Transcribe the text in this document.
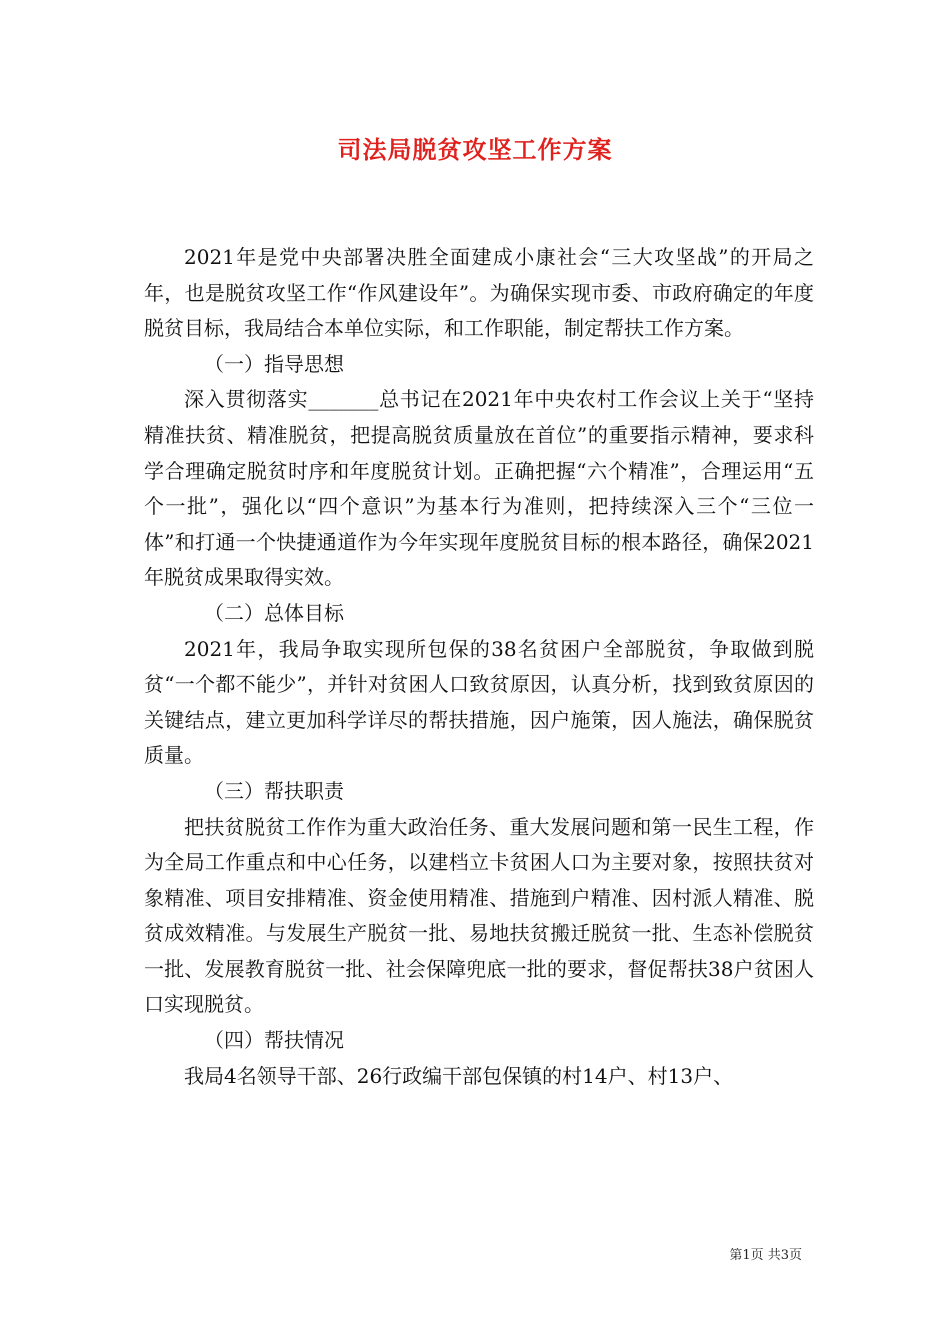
司法局脱贫攻坚工作方案

2021年是党中央部署决胜全面建成小康社会“三大攻坚战”的开局之年，也是脱贫攻坚工作“作风建设年”。为确保实现市委、市政府确定的年度脱贫目标，我局结合本单位实际，和工作职能，制定帮扶工作方案。

（一）指导思想

深入贯彻落实_______总书记在2021年中央农村工作会议上关于“坚持精准扶贫、精准脱贫，把提高脱贫质量放在首位”的重要指示精神，要求科学合理确定脱贫时序和年度脱贫计划。正确把握“六个精准”，合理运用“五个一批”，强化以“四个意识”为基本行为准则，把持续深入三个“三位一体”和打通一个快捷通道作为今年实现年度脱贫目标的根本路径，确保2021年脱贫成果取得实效。

（二）总体目标

2021年，我局争取实现所包保的38名贫困户全部脱贫，争取做到脱贫“一个都不能少”，并针对贫困人口致贫原因，认真分析，找到致贫原因的关键结点，建立更加科学详尽的帮扶措施，因户施策，因人施法，确保脱贫质量。

（三）帮扶职责

把扶贫脱贫工作作为重大政治任务、重大发展问题和第一民生工程，作为全局工作重点和中心任务，以建档立卡贫困人口为主要对象，按照扶贫对象精准、项目安排精准、资金使用精准、措施到户精准、因村派人精准、脱贫成效精准。与发展生产脱贫一批、易地扶贫搬迁脱贫一批、生态补偿脱贫一批、发展教育脱贫一批、社会保障兜底一批的要求，督促帮扶38户贫困人口实现脱贫。

（四）帮扶情况

我局4名领导干部、26行政编干部包保镇的村14户、村13户、

第1页 共3页
